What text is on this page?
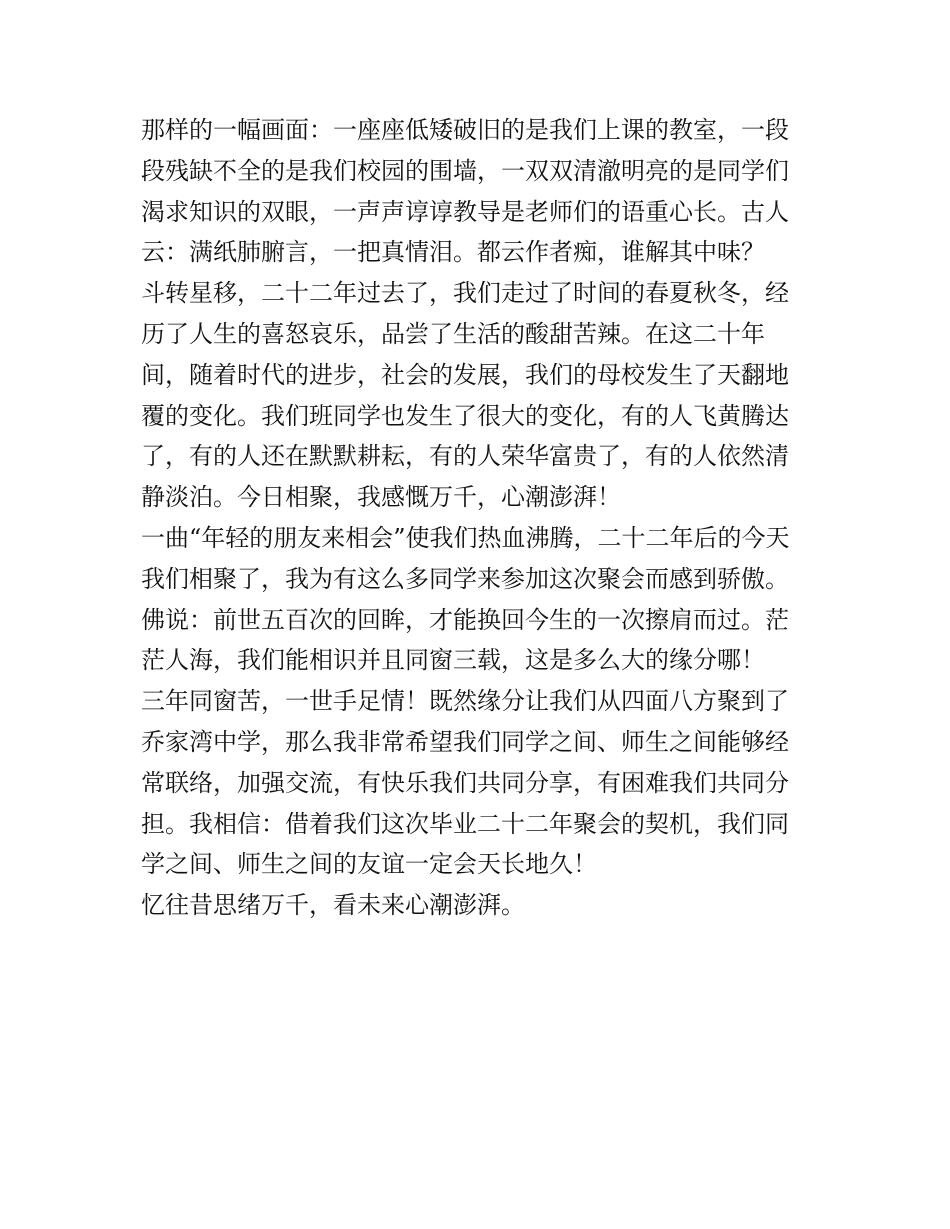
那样的一幅画面：一座座低矮破旧的是我们上课的教室，一段

段残缺不全的是我们校园的围墙，一双双清澈明亮的是同学们

渴求知识的双眼，一声声谆谆教导是老师们的语重心长。古人

云：满纸肺腑言，一把真情泪。都云作者痴，谁解其中味？

斗转星移，二十二年过去了，我们走过了时间的春夏秋冬，经

历了人生的喜怒哀乐，品尝了生活的酸甜苦辣。在这二十年

间，随着时代的进步，社会的发展，我们的母校发生了天翻地

覆的变化。我们班同学也发生了很大的变化，有的人飞黄腾达

了，有的人还在默默耕耘，有的人荣华富贵了，有的人依然清

静淡泊。今日相聚，我感慨万千，心潮澎湃！

一曲“年轻的朋友来相会”使我们热血沸腾，二十二年后的今天

我们相聚了，我为有这么多同学来参加这次聚会而感到骄傲。

佛说：前世五百次的回眸，才能换回今生的一次擦肩而过。茫

茫人海，我们能相识并且同窗三载，这是多么大的缘分哪！

三年同窗苦，一世手足情！既然缘分让我们从四面八方聚到了

乔家湾中学，那么我非常希望我们同学之间、师生之间能够经

常联络，加强交流，有快乐我们共同分享，有困难我们共同分

担。我相信：借着我们这次毕业二十二年聚会的契机，我们同

学之间、师生之间的友谊一定会天长地久！

忆往昔思绪万千，看未来心潮澎湃。
